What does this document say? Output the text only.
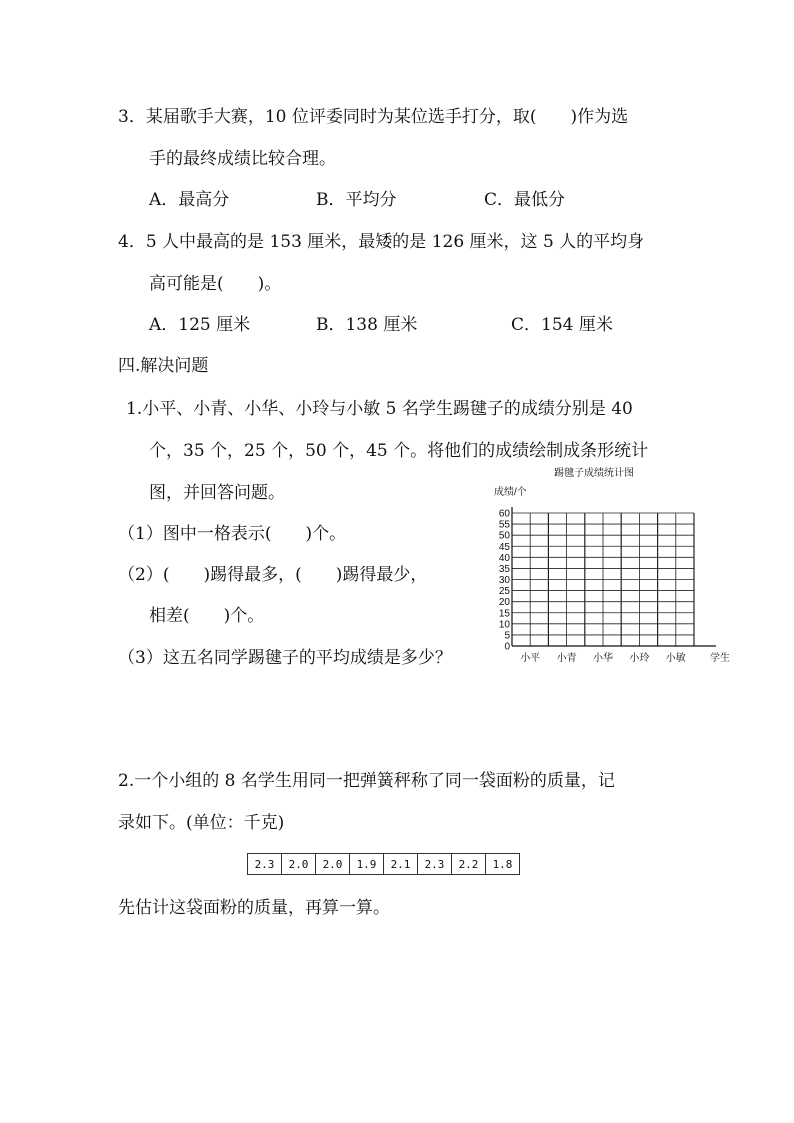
3．某届歌手大赛，10 位评委同时为某位选手打分，取(　　)作为选
手的最终成绩比较合理。
A．最高分	B．平均分	C．最低分
4．5 人中最高的是 153 厘米，最矮的是 126 厘米，这 5 人的平均身
高可能是(　　)。
A．125 厘米	B．138 厘米	C．154 厘米
四.解决问题
1.小平、小青、小华、小玲与小敏 5 名学生踢毽子的成绩分别是 40
个，35 个，25 个，50 个，45 个。将他们的成绩绘制成条形统计
图，并回答问题。
（1）图中一格表示(　　)个。
（2）(　　)踢得最多，(　　)踢得最少，
相差(　　)个。
（3）这五名同学踢毽子的平均成绩是多少？
踢毽子成绩统计图
成绩/个
0
5
10
15
20
25
30
35
40
45
50
55
60
小平 小青 小华 小玲 小敏 学生
2.一个小组的 8 名学生用同一把弹簧秤称了同一袋面粉的质量，记
录如下。(单位：千克)
2.3	2.0	2.0	1.9	2.1	2.3	2.2	1.8
先估计这袋面粉的质量，再算一算。
